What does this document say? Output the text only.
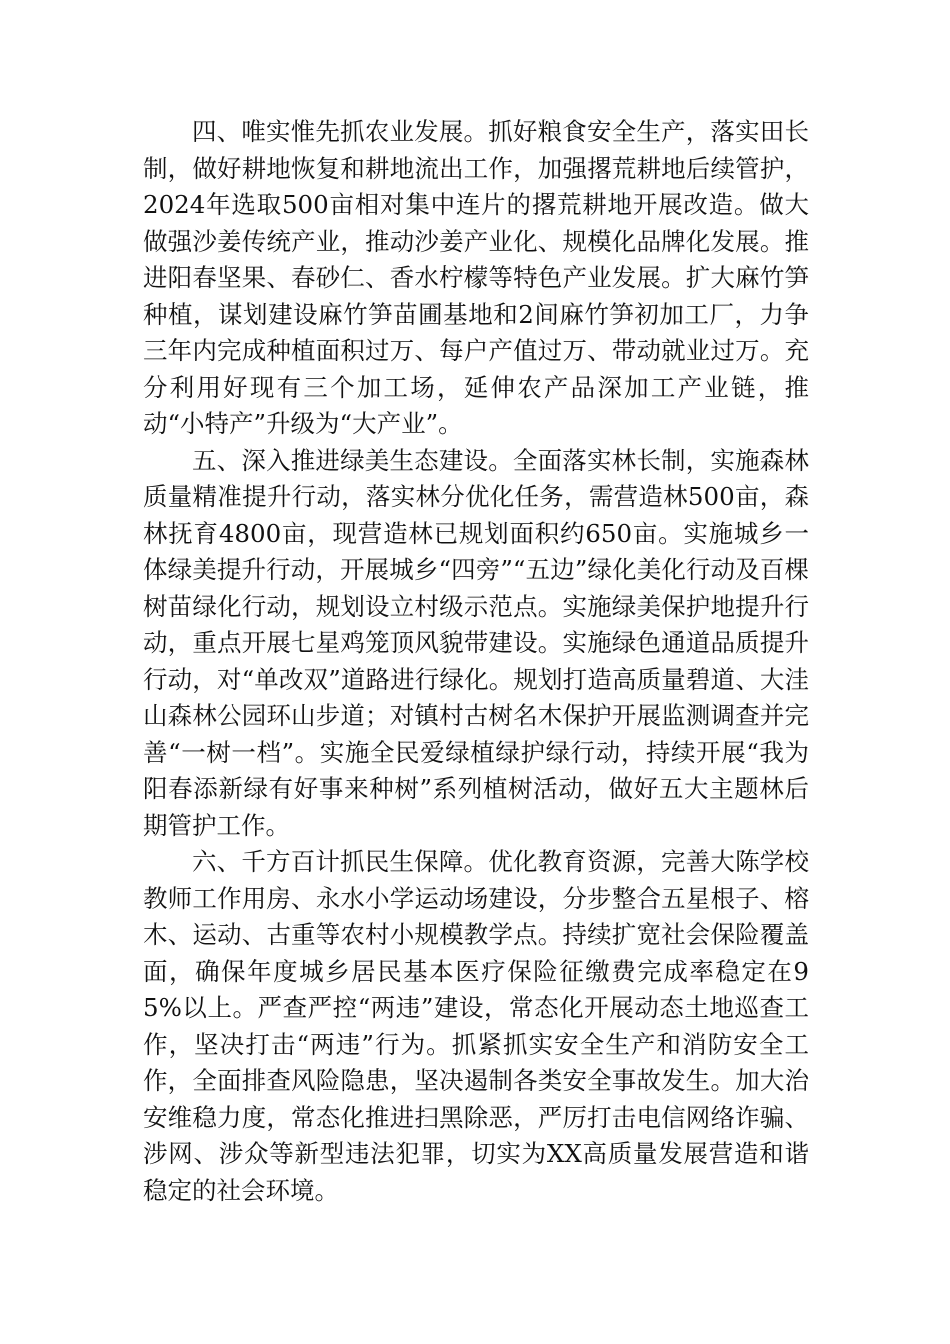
四、唯实惟先抓农业发展。抓好粮食安全生产，落实田长制，做好耕地恢复和耕地流出工作，加强撂荒耕地后续管护，2024年选取500亩相对集中连片的撂荒耕地开展改造。做大做强沙姜传统产业，推动沙姜产业化、规模化品牌化发展。推进阳春坚果、春砂仁、香水柠檬等特色产业发展。扩大麻竹笋种植，谋划建设麻竹笋苗圃基地和2间麻竹笋初加工厂，力争三年内完成种植面积过万、每户产值过万、带动就业过万。充分利用好现有三个加工场，延伸农产品深加工产业链，推动“小特产”升级为“大产业”。

五、深入推进绿美生态建设。全面落实林长制，实施森林质量精准提升行动，落实林分优化任务，需营造林500亩，森林抚育4800亩，现营造林已规划面积约650亩。实施城乡一体绿美提升行动，开展城乡“四旁”“五边”绿化美化行动及百棵树苗绿化行动，规划设立村级示范点。实施绿美保护地提升行动，重点开展七星鸡笼顶风貌带建设。实施绿色通道品质提升行动，对“单改双”道路进行绿化。规划打造高质量碧道、大洼山森林公园环山步道；对镇村古树名木保护开展监测调查并完善“一树一档”。实施全民爱绿植绿护绿行动，持续开展“我为阳春添新绿有好事来种树”系列植树活动，做好五大主题林后期管护工作。

六、千方百计抓民生保障。优化教育资源，完善大陈学校教师工作用房、永水小学运动场建设，分步整合五星根子、榕木、运动、古重等农村小规模教学点。持续扩宽社会保险覆盖面，确保年度城乡居民基本医疗保险征缴费完成率稳定在95%以上。严查严控“两违”建设，常态化开展动态土地巡查工作，坚决打击“两违”行为。抓紧抓实安全生产和消防安全工作，全面排查风险隐患，坚决遏制各类安全事故发生。加大治安维稳力度，常态化推进扫黑除恶，严厉打击电信网络诈骗、涉网、涉众等新型违法犯罪，切实为XX高质量发展营造和谐稳定的社会环境。
